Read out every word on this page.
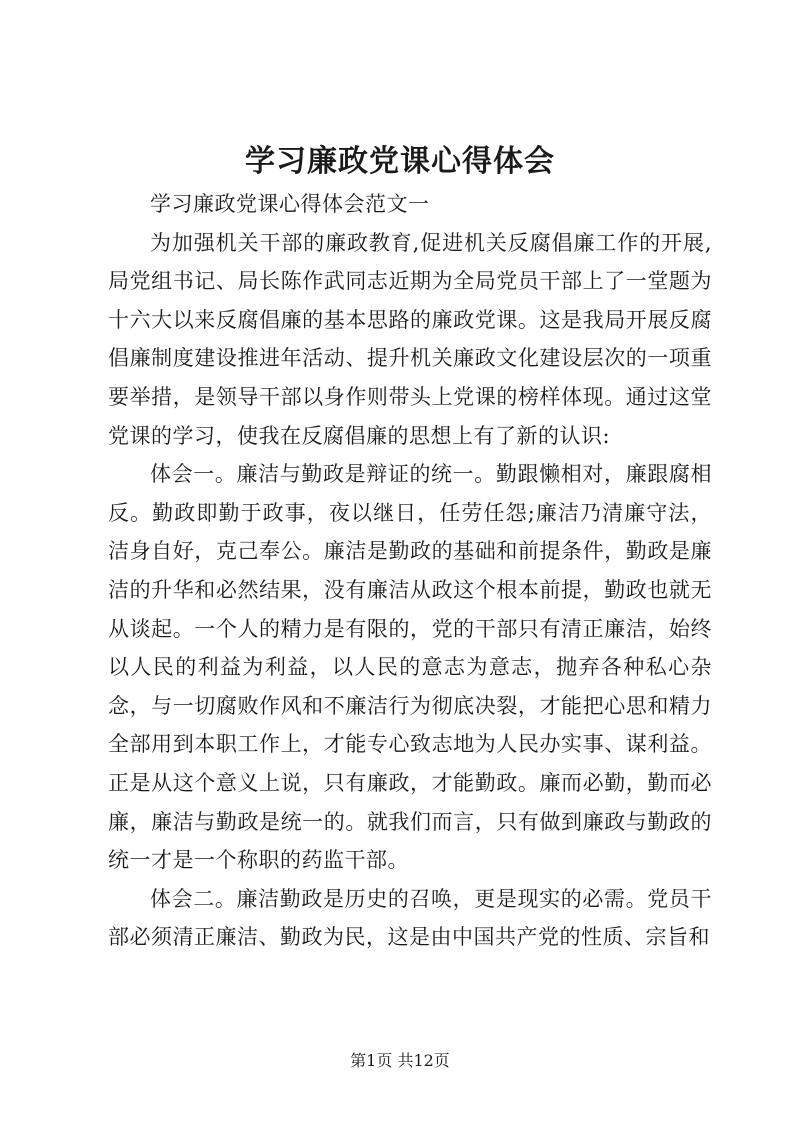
学习廉政党课心得体会

学习廉政党课心得体会范文一

为加强机关干部的廉政教育,促进机关反腐倡廉工作的开展,局党组书记、局长陈作武同志近期为全局党员干部上了一堂题为十六大以来反腐倡廉的基本思路的廉政党课。这是我局开展反腐倡廉制度建设推进年活动、提升机关廉政文化建设层次的一项重要举措，是领导干部以身作则带头上党课的榜样体现。通过这堂党课的学习，使我在反腐倡廉的思想上有了新的认识:

体会一。廉洁与勤政是辩证的统一。勤跟懒相对，廉跟腐相反。勤政即勤于政事，夜以继日，任劳任怨;廉洁乃清廉守法，洁身自好，克己奉公。廉洁是勤政的基础和前提条件，勤政是廉洁的升华和必然结果，没有廉洁从政这个根本前提，勤政也就无从谈起。一个人的精力是有限的，党的干部只有清正廉洁，始终以人民的利益为利益，以人民的意志为意志，抛弃各种私心杂念，与一切腐败作风和不廉洁行为彻底决裂，才能把心思和精力全部用到本职工作上，才能专心致志地为人民办实事、谋利益。正是从这个意义上说，只有廉政，才能勤政。廉而必勤，勤而必廉，廉洁与勤政是统一的。就我们而言，只有做到廉政与勤政的统一才是一个称职的药监干部。

体会二。廉洁勤政是历史的召唤，更是现实的必需。党员干部必须清正廉洁、勤政为民，这是由中国共产党的性质、宗旨和

第1页 共12页
